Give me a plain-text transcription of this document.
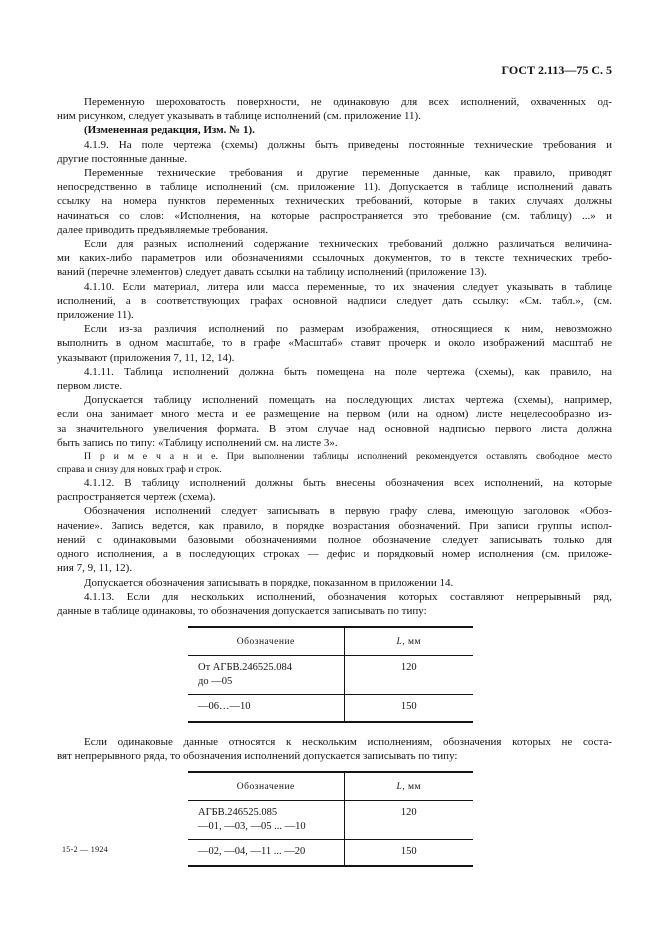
ГОСТ 2.113—75 С. 5
Переменную шероховатость поверхности, не одинаковую для всех исполнений, охваченных од-
ним рисунком, следует указывать в таблице исполнений (см. приложение 11).
(Измененная редакция, Изм. № 1).
4.1.9. На поле чертежа (схемы) должны быть приведены постоянные технические требования и
другие постоянные данные.
Переменные технические требования и другие переменные данные, как правило, приводят
непосредственно в таблице исполнений (см. приложение 11). Допускается в таблице исполнений давать
ссылку на номера пунктов переменных технических требований, которые в таких случаях должны
начинаться со слов: «Исполнения, на которые распространяется это требование (см. таблицу) ...» и
далее приводить предъявляемые требования.
Если для разных исполнений содержание технических требований должно различаться величина-
ми каких-либо параметров или обозначениями ссылочных документов, то в тексте технических требо-
ваний (перечне элементов) следует давать ссылки на таблицу исполнений (приложение 13).
4.1.10. Если материал, литера или масса переменные, то их значения следует указывать в таблице
исполнений, а в соответствующих графах основной надписи следует дать ссылку: «См. табл.», (см.
приложение 11).
Если из-за различия исполнений по размерам изображения, относящиеся к ним, невозможно
выполнить в одном масштабе, то в графе «Масштаб» ставят прочерк и около изображений масштаб не
указывают (приложения 7, 11, 12, 14).
4.1.11. Таблица исполнений должна быть помещена на поле чертежа (схемы), как правило, на
первом листе.
Допускается таблицу исполнений помещать на последующих листах чертежа (схемы), например,
если она занимает много места и ее размещение на первом (или на одном) листе нецелесообразно из-
за значительного увеличения формата. В этом случае над основной надписью первого листа должна
быть запись по типу: «Таблицу исполнений см. на листе 3».
П р и м е ч а н и е. При выполнении таблицы исполнений рекомендуется оставлять свободное место
справа и снизу для новых граф и строк.
4.1.12. В таблицу исполнений должны быть внесены обозначения всех исполнений, на которые
распространяется чертеж (схема).
Обозначения исполнений следует записывать в первую графу слева, имеющую заголовок «Обоз-
начение». Запись ведется, как правило, в порядке возрастания обозначений. При записи группы испол-
нений с одинаковыми базовыми обозначениями полное обозначение следует записывать только для
одного исполнения, а в последующих строках — дефис и порядковый номер исполнения (см. приложе-
ния 7, 9, 11, 12).
Допускается обозначения записывать в порядке, показанном в приложении 14.
4.1.13. Если для нескольких исполнений, обозначения которых составляют непрерывный ряд,
данные в таблице одинаковы, то обозначения допускается записывать по типу:
Обозначение	L, мм

От АГБВ.246525.084
до —05	120

—06…—10	150
Если одинаковые данные относятся к нескольким исполнениям, обозначения которых не соста-
вят непрерывного ряда, то обозначения исполнений допускается записывать по типу:
Обозначение	L, мм

АГБВ.246525.085
—01, —03, —05 ... —10	120

—02, —04, —11 ... —20	150
15-2 — 1924
